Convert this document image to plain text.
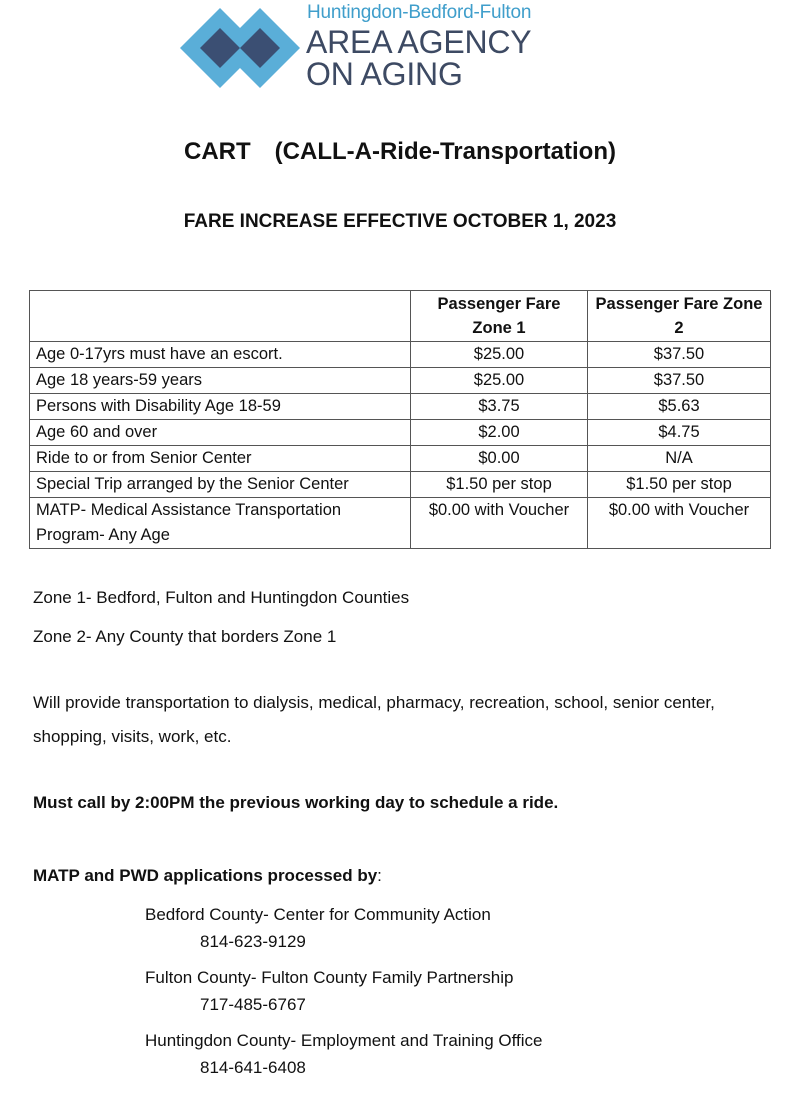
Huntingdon-Bedford-Fulton
AREA AGENCY
ON AGING
CART (CALL-A-Ride-Transportation)
FARE INCREASE EFFECTIVE OCTOBER 1, 2023
	Passenger Fare Zone 1	Passenger Fare Zone 2
Age 0-17yrs must have an escort.	$25.00	$37.50
Age 18 years-59 years	$25.00	$37.50
Persons with Disability Age 18-59	$3.75	$5.63
Age 60 and over	$2.00	$4.75
Ride to or from Senior Center	$0.00	N/A
Special Trip arranged by the Senior Center	$1.50 per stop	$1.50 per stop
MATP- Medical Assistance Transportation Program- Any Age	$0.00 with Voucher	$0.00 with Voucher
Zone 1- Bedford, Fulton and Huntingdon Counties
Zone 2- Any County that borders Zone 1
Will provide transportation to dialysis, medical, pharmacy, recreation, school, senior center,
shopping, visits, work, etc.
Must call by 2:00PM the previous working day to schedule a ride.
MATP and PWD applications processed by:
Bedford County- Center for Community Action
814-623-9129
Fulton County- Fulton County Family Partnership
717-485-6767
Huntingdon County- Employment and Training Office
814-641-6408
